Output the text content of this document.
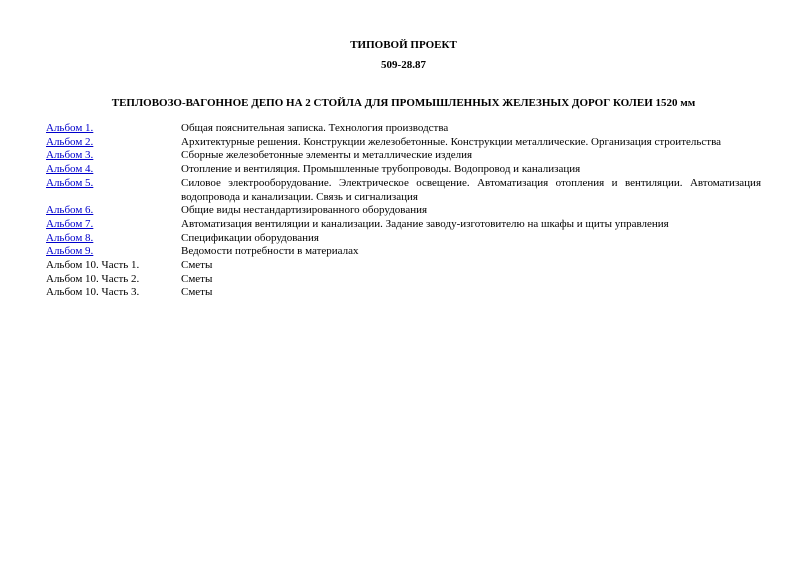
ТИПОВОЙ ПРОЕКТ
509-28.87
ТЕПЛОВОЗО-ВАГОННОЕ ДЕПО НА 2 СТОЙЛА ДЛЯ ПРОМЫШЛЕННЫХ ЖЕЛЕЗНЫХ ДОРОГ КОЛЕИ 1520 мм
Альбом 1.	Общая пояснительная записка. Технология производства
Альбом 2.	Архитектурные решения. Конструкции железобетонные. Конструкции металлические. Организация строительства
Альбом 3.	Сборные железобетонные элементы и металлические изделия
Альбом 4.	Отопление и вентиляция. Промышленные трубопроводы. Водопровод и канализация
Альбом 5.	Силовое электрооборудование. Электрическое освещение. Автоматизация отопления и вентиляции. Автоматизация водопровода и канализации. Связь и сигнализация
Альбом 6.	Общие виды нестандартизированного оборудования
Альбом 7.	Автоматизация вентиляции и канализации. Задание заводу-изготовителю на шкафы и щиты управления
Альбом 8.	Спецификации оборудования
Альбом 9.	Ведомости потребности в материалах
Альбом 10. Часть 1.	Сметы
Альбом 10. Часть 2.	Сметы
Альбом 10. Часть 3.	Сметы
